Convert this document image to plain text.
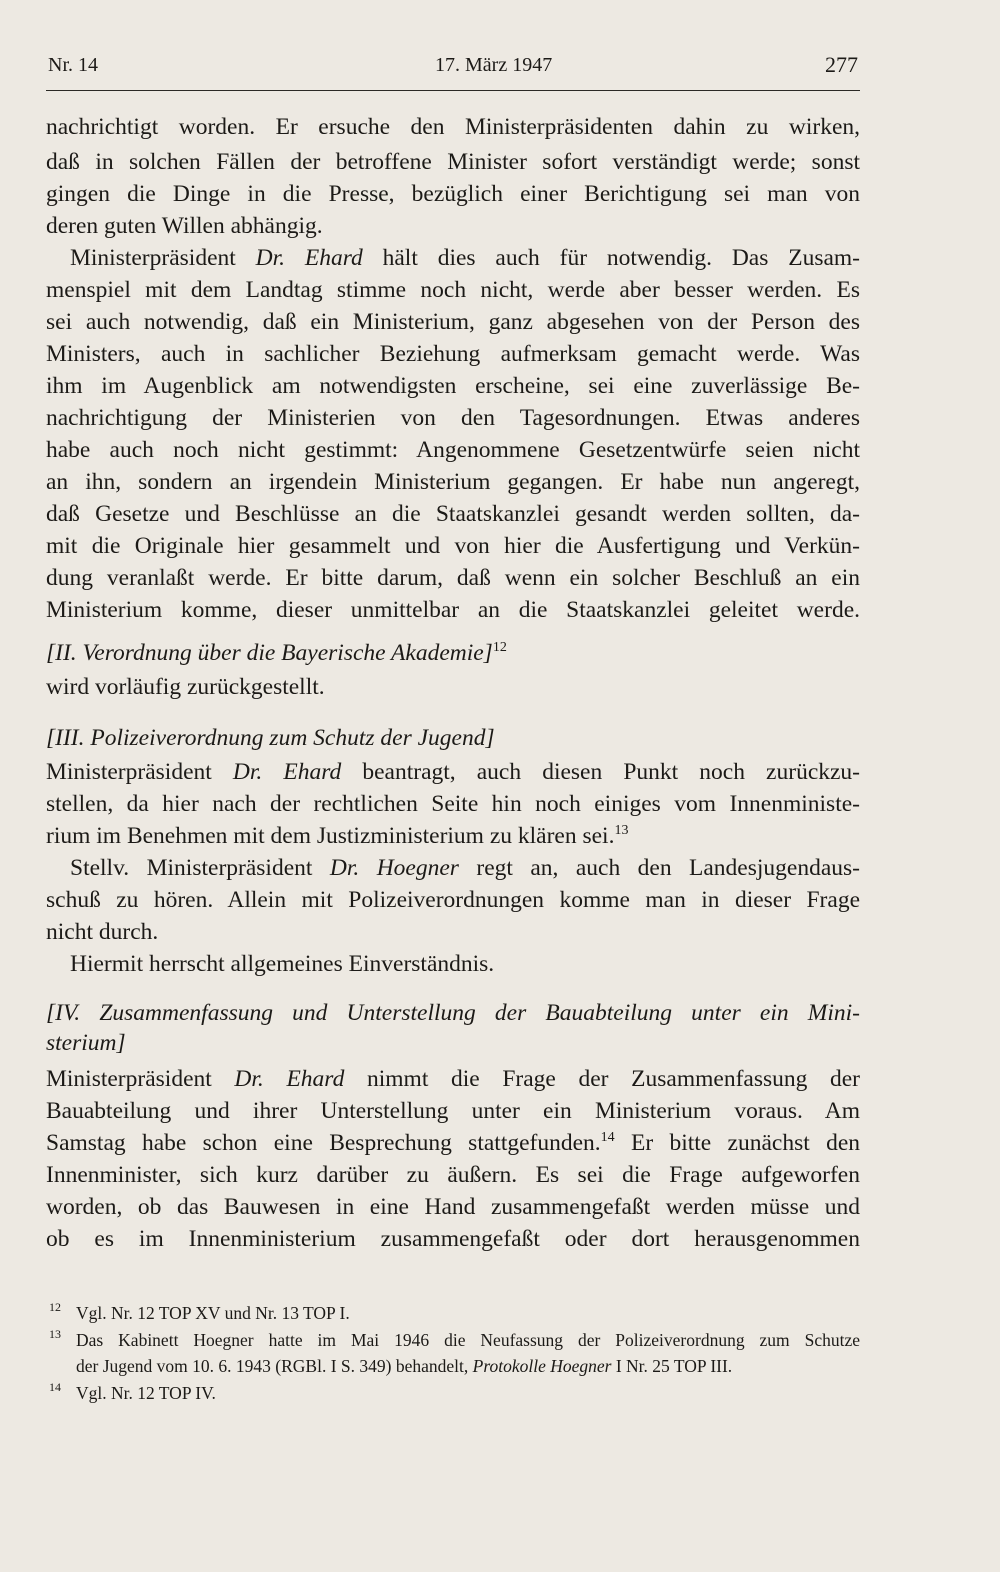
Nr. 14	17. März 1947	277
nachrichtigt worden. Er ersuche den Ministerpräsidenten dahin zu wirken,
daß in solchen Fällen der betroffene Minister sofort verständigt werde; sonst
gingen die Dinge in die Presse, bezüglich einer Berichtigung sei man von
deren guten Willen abhängig.
Ministerpräsident Dr. Ehard hält dies auch für notwendig. Das Zusam-
menspiel mit dem Landtag stimme noch nicht, werde aber besser werden. Es
sei auch notwendig, daß ein Ministerium, ganz abgesehen von der Person des
Ministers, auch in sachlicher Beziehung aufmerksam gemacht werde. Was
ihm im Augenblick am notwendigsten erscheine, sei eine zuverlässige Be-
nachrichtigung der Ministerien von den Tagesordnungen. Etwas anderes
habe auch noch nicht gestimmt: Angenommene Gesetzentwürfe seien nicht
an ihn, sondern an irgendein Ministerium gegangen. Er habe nun angeregt,
daß Gesetze und Beschlüsse an die Staatskanzlei gesandt werden sollten, da-
mit die Originale hier gesammelt und von hier die Ausfertigung und Verkün-
dung veranlaßt werde. Er bitte darum, daß wenn ein solcher Beschluß an ein
Ministerium komme, dieser unmittelbar an die Staatskanzlei geleitet werde.
[II. Verordnung über die Bayerische Akademie]$^{12}$
wird vorläufig zurückgestellt.
[III. Polizeiverordnung zum Schutz der Jugend]
Ministerpräsident Dr. Ehard beantragt, auch diesen Punkt noch zurückzu-
stellen, da hier nach der rechtlichen Seite hin noch einiges vom Innenministe-
rium im Benehmen mit dem Justizministerium zu klären sei.$^{13}$
Stellv. Ministerpräsident Dr. Hoegner regt an, auch den Landesjugendaus-
schuß zu hören. Allein mit Polizeiverordnungen komme man in dieser Frage
nicht durch.
Hiermit herrscht allgemeines Einverständnis.
[IV. Zusammenfassung und Unterstellung der Bauabteilung unter ein Mini-
sterium]
Ministerpräsident Dr. Ehard nimmt die Frage der Zusammenfassung der
Bauabteilung und ihrer Unterstellung unter ein Ministerium voraus. Am
Samstag habe schon eine Besprechung stattgefunden.$^{14}$ Er bitte zunächst den
Innenminister, sich kurz darüber zu äußern. Es sei die Frage aufgeworfen
worden, ob das Bauwesen in eine Hand zusammengefaßt werden müsse und
ob es im Innenministerium zusammengefaßt oder dort herausgenommen
12 Vgl. Nr. 12 TOP XV und Nr. 13 TOP I.
13 Das Kabinett Hoegner hatte im Mai 1946 die Neufassung der Polizeiverordnung zum Schutze
der Jugend vom 10. 6. 1943 (RGBl. I S. 349) behandelt, Protokolle Hoegner I Nr. 25 TOP III.
14 Vgl. Nr. 12 TOP IV.
